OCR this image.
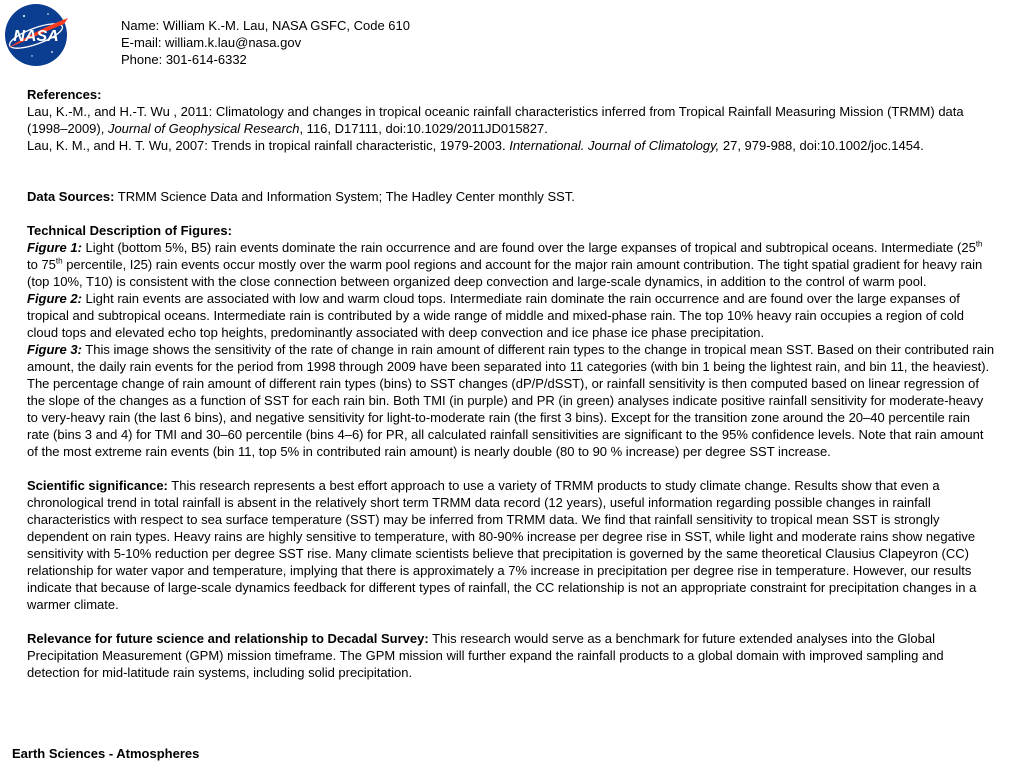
NASA
Name: William K.-M. Lau, NASA GSFC, Code 610
E-mail: william.k.lau@nasa.gov
Phone: 301-614-6332

References:

Lau, K.-M., and H.-T. Wu , 2011: Climatology and changes in tropical oceanic rainfall characteristics inferred from Tropical Rainfall Measuring Mission (TRMM) data (1998–2009), Journal of Geophysical Research, 116, D17111, doi:10.1029/2011JD015827.

Lau, K. M., and H. T. Wu, 2007: Trends in tropical rainfall characteristic, 1979-2003. International. Journal of Climatology, 27, 979-988, doi:10.1002/joc.1454.

Data Sources: TRMM Science Data and Information System; The Hadley Center monthly SST.

Technical Description of Figures:

Figure 1: Light (bottom 5%, B5) rain events dominate the rain occurrence and are found over the large expanses of tropical and subtropical oceans. Intermediate (25th to 75th percentile, I25) rain events occur mostly over the warm pool regions and account for the major rain amount contribution. The tight spatial gradient for heavy rain (top 10%, T10) is consistent with the close connection between organized deep convection and large-scale dynamics, in addition to the control of warm pool.

Figure 2: Light rain events are associated with low and warm cloud tops. Intermediate rain dominate the rain occurrence and are found over the large expanses of tropical and subtropical oceans. Intermediate rain is contributed by a wide range of middle and mixed-phase rain. The top 10% heavy rain occupies a region of cold cloud tops and elevated echo top heights, predominantly associated with deep convection and ice phase ice phase precipitation.

Figure 3: This image shows the sensitivity of the rate of change in rain amount of different rain types to the change in tropical mean SST. Based on their contributed rain amount, the daily rain events for the period from 1998 through 2009 have been separated into 11 categories (with bin 1 being the lightest rain, and bin 11, the heaviest). The percentage change of rain amount of different rain types (bins) to SST changes (dP/P/dSST), or rainfall sensitivity is then computed based on linear regression of the slope of the changes as a function of SST for each rain bin. Both TMI (in purple) and PR (in green) analyses indicate positive rainfall sensitivity for moderate-heavy to very-heavy rain (the last 6 bins), and negative sensitivity for light-to-moderate rain (the first 3 bins). Except for the transition zone around the 20–40 percentile rain rate (bins 3 and 4) for TMI and 30–60 percentile (bins 4–6) for PR, all calculated rainfall sensitivities are significant to the 95% confidence levels. Note that rain amount of the most extreme rain events (bin 11, top 5% in contributed rain amount) is nearly double (80 to 90 % increase) per degree SST increase.

Scientific significance: This research represents a best effort approach to use a variety of TRMM products to study climate change. Results show that even a chronological trend in total rainfall is absent in the relatively short term TRMM data record (12 years), useful information regarding possible changes in rainfall characteristics with respect to sea surface temperature (SST) may be inferred from TRMM data. We find that rainfall sensitivity to tropical mean SST is strongly dependent on rain types. Heavy rains are highly sensitive to temperature, with 80-90% increase per degree rise in SST, while light and moderate rains show negative sensitivity with 5-10% reduction per degree SST rise. Many climate scientists believe that precipitation is governed by the same theoretical Clausius Clapeyron (CC) relationship for water vapor and temperature, implying that there is approximately a 7% increase in precipitation per degree rise in temperature. However, our results indicate that because of large-scale dynamics feedback for different types of rainfall, the CC relationship is not an appropriate constraint for precipitation changes in a warmer climate.

Relevance for future science and relationship to Decadal Survey: This research would serve as a benchmark for future extended analyses into the Global Precipitation Measurement (GPM) mission timeframe. The GPM mission will further expand the rainfall products to a global domain with improved sampling and detection for mid-latitude rain systems, including solid precipitation.

Earth Sciences - Atmospheres
